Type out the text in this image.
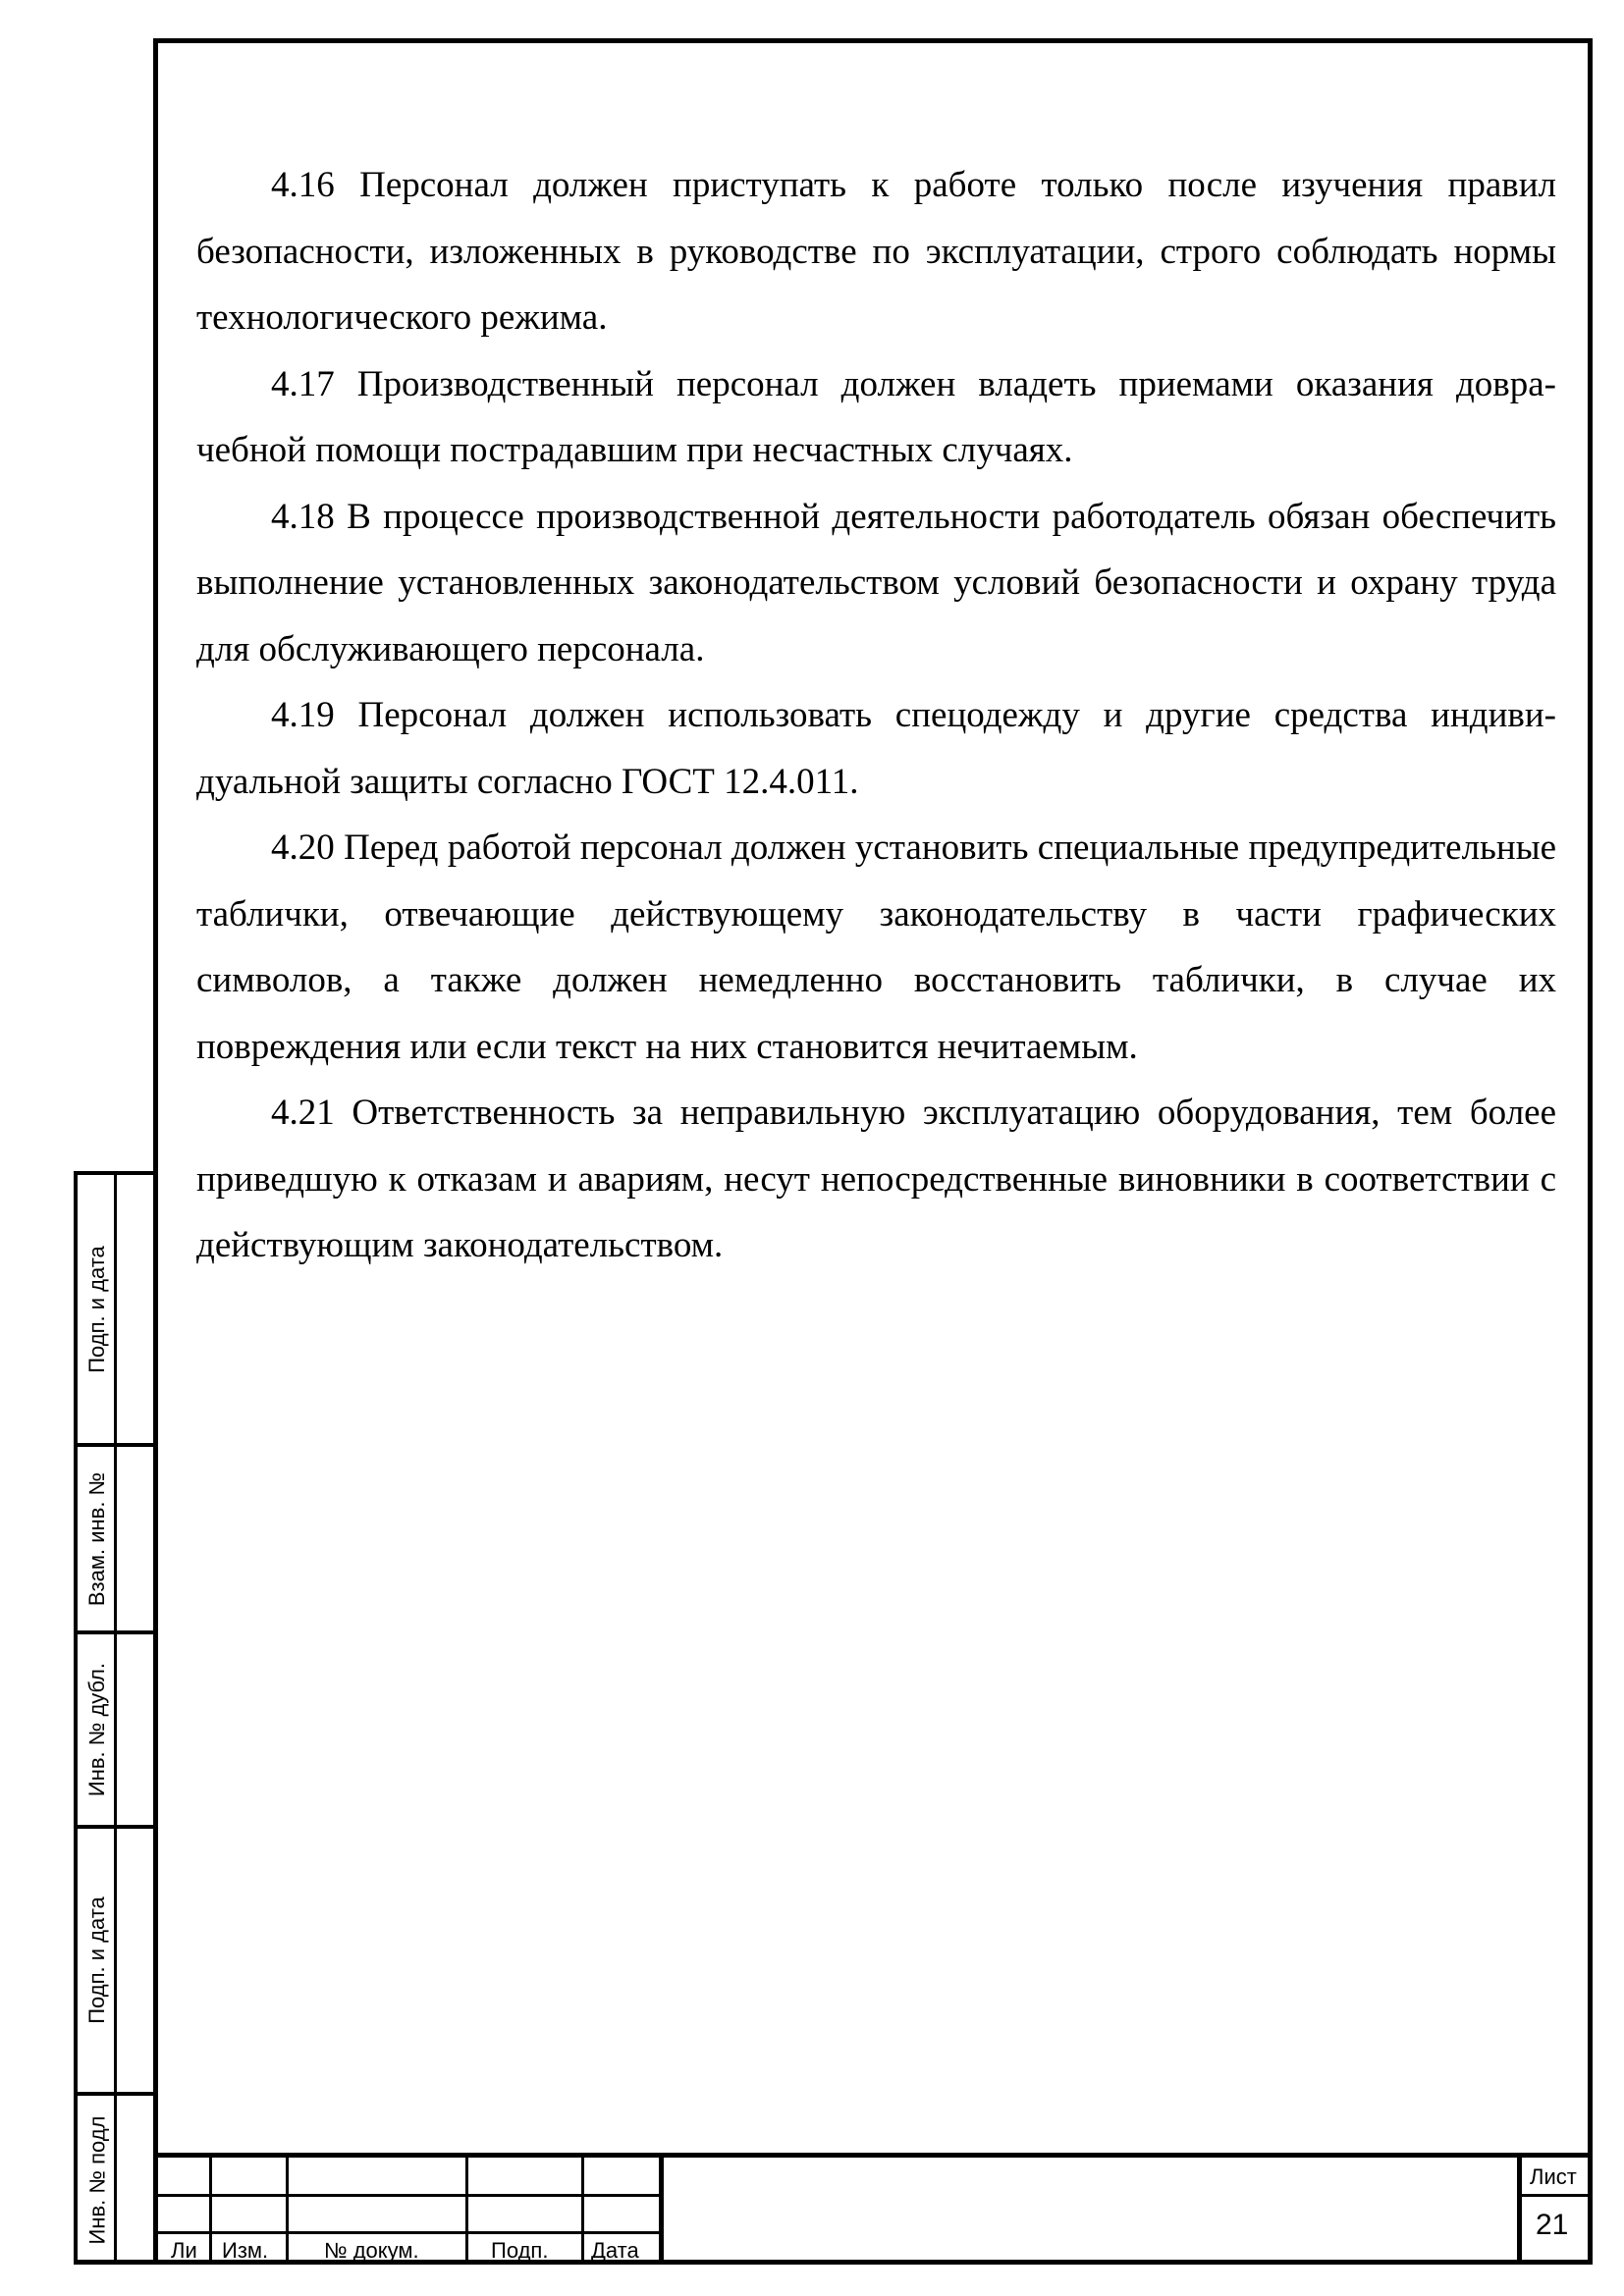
4.16 Персонал должен приступать к работе только после изучения правил безопасности, изложенных в руководстве по эксплуатации, строго соблюдать нормы технологического режима.

4.17 Производственный персонал должен владеть приемами оказания доврачебной помощи пострадавшим при несчастных случаях.

4.18 В процессе производственной деятельности работодатель обязан обеспечить выполнение установленных законодательством условий безопасности и охрану труда для обслуживающего персонала.

4.19 Персонал должен использовать спецодежду и другие средства индивидуальной защиты согласно ГОСТ 12.4.011.

4.20 Перед работой персонал должен установить специальные предупредительные таблички, отвечающие действующему законодательству в части графических символов, а также должен немедленно восстановить таблички, в случае их повреждения или если текст на них становится нечитаемым.

4.21 Ответственность за неправильную эксплуатацию оборудования, тем более приведшую к отказам и авариям, несут непосредственные виновники в соответствии с действующим законодательством.

Подп. и дата
Взам. инв. №
Инв. № дубл.
Подп. и дата
Инв. № подл
Ли Изм.	№ докум.	Подп. Дата
Лист
21
